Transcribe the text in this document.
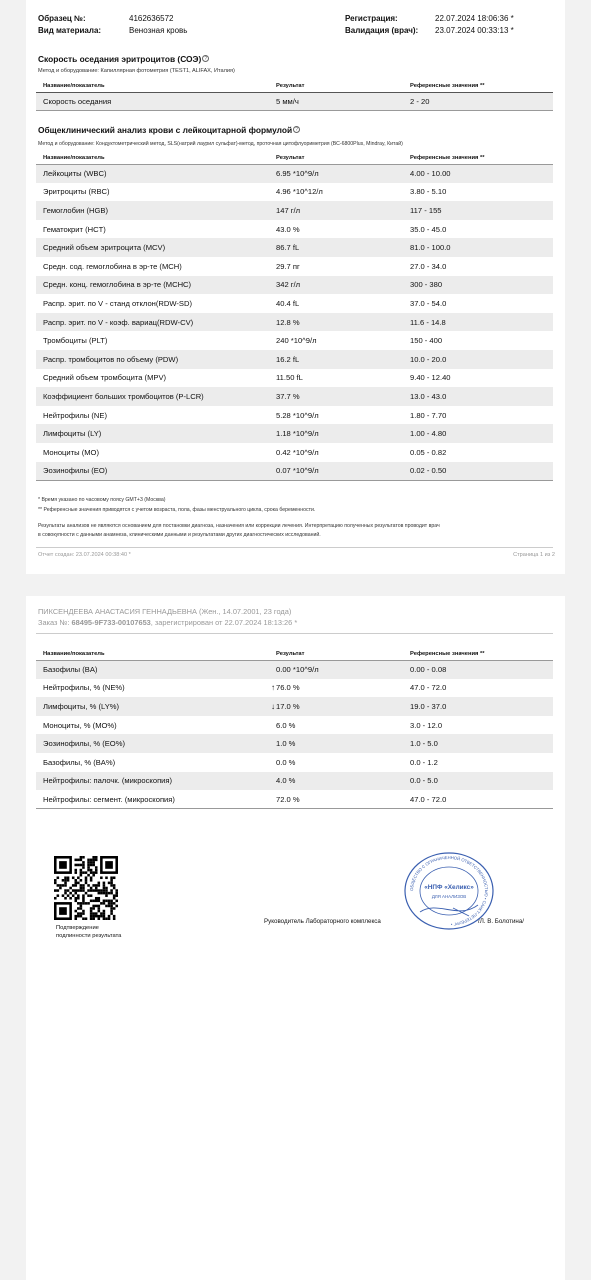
Образец №:	4162636572
Вид материала:	Венозная кровь
Регистрация:	22.07.2024 18:06:36 *
Валидация (врач): 23.07.2024 00:33:13 *
Скорость оседания эритроцитов (СОЭ) ?
Метод и оборудование: Капиллярная фотометрия (TEST1, ALIFAX, Италия)
Название/показатель	Результат	Референсные значения **
Скорость оседания	5 мм/ч	2 - 20
Общеклинический анализ крови с лейкоцитарной формулой ?
Метод и оборудование: Кондуктометрический метод, SLS(натрий лаурил сульфат)-метод, проточная цитофлуориметрия (BC-6800Plus, Mindray, Китай)
Название/показатель	Результат	Референсные значения **
Лейкоциты (WBC)	6.95 *10^9/л	4.00 - 10.00
Эритроциты (RBC)	4.96 *10^12/л	3.80 - 5.10
Гемоглобин (HGB)	147 г/л	117 - 155
Гематокрит (HCT)	43.0 %	35.0 - 45.0
Средний объем эритроцита (MCV)	86.7 fL	81.0 - 100.0
Средн. сод. гемоглобина в эр-те (MCH)	29.7 пг	27.0 - 34.0
Средн. конц. гемоглобина в эр-те (MCHC)	342 г/л	300 - 380
Распр. эрит. по V - станд отклон(RDW-SD)	40.4 fL	37.0 - 54.0
Распр. эрит. по V - коэф. вариац(RDW-CV)	12.8 %	11.6 - 14.8
Тромбоциты (PLT)	240 *10^9/л	150 - 400
Распр. тромбоцитов по объему (PDW)	16.2 fL	10.0 - 20.0
Средний объем тромбоцита (MPV)	11.50 fL	9.40 - 12.40
Коэффициент больших тромбоцитов (P-LCR)	37.7 %	13.0 - 43.0
Нейтрофилы (NE)	5.28 *10^9/л	1.80 - 7.70
Лимфоциты (LY)	1.18 *10^9/л	1.00 - 4.80
Моноциты (MO)	0.42 *10^9/л	0.05 - 0.82
Эозинофилы (EO)	0.07 *10^9/л	0.02 - 0.50
* Время указано по часовому поясу GMT+3 (Москва)
** Референсные значения приводятся с учетом возраста, пола, фазы менструального цикла, срока беременности.
Результаты анализов не являются основанием для постановки диагноза, назначения или коррекции лечения. Интерпретацию полученных результатов проводит врач
в совокупности с данными анамнеза, клиническими данными и результатами других диагностических исследований.
Отчет создан: 23.07.2024 00:38:40 *	Страница 1 из 2
ПИКСЕНДЕЕВА АНАСТАСИЯ ГЕННАДЬЕВНА (Жен., 14.07.2001, 23 года)
Заказ №: 68495-9F733-00107653, зарегистрирован от 22.07.2024 18:13:26 *
Название/показатель	Результат	Референсные значения **
Базофилы (BA)	0.00 *10^9/л	0.00 - 0.08
Нейтрофилы, % (NE%)	↑76.0 %	47.0 - 72.0
Лимфоциты, % (LY%)	↓17.0 %	19.0 - 37.0
Моноциты, % (MO%)	6.0 %	3.0 - 12.0
Эозинофилы, % (EO%)	1.0 %	1.0 - 5.0
Базофилы, % (BA%)	0.0 %	0.0 - 1.2
Нейтрофилы: палочк. (микроскопия)	4.0 %	0.0 - 5.0
Нейтрофилы: сегмент. (микроскопия)	72.0 %	47.0 - 72.0
Подтверждение
подлинности результата
Руководитель Лабораторного комплекса	/Л. В. Болотина/
ОБЩЕСТВО С ОГРАНИЧЕННОЙ ОТВЕТСТВЕННОСТЬЮ • САНКТ-ПЕТЕРБУРГ •
«НПФ «Хеликс»
ДЛЯ АНАЛИЗОВ
